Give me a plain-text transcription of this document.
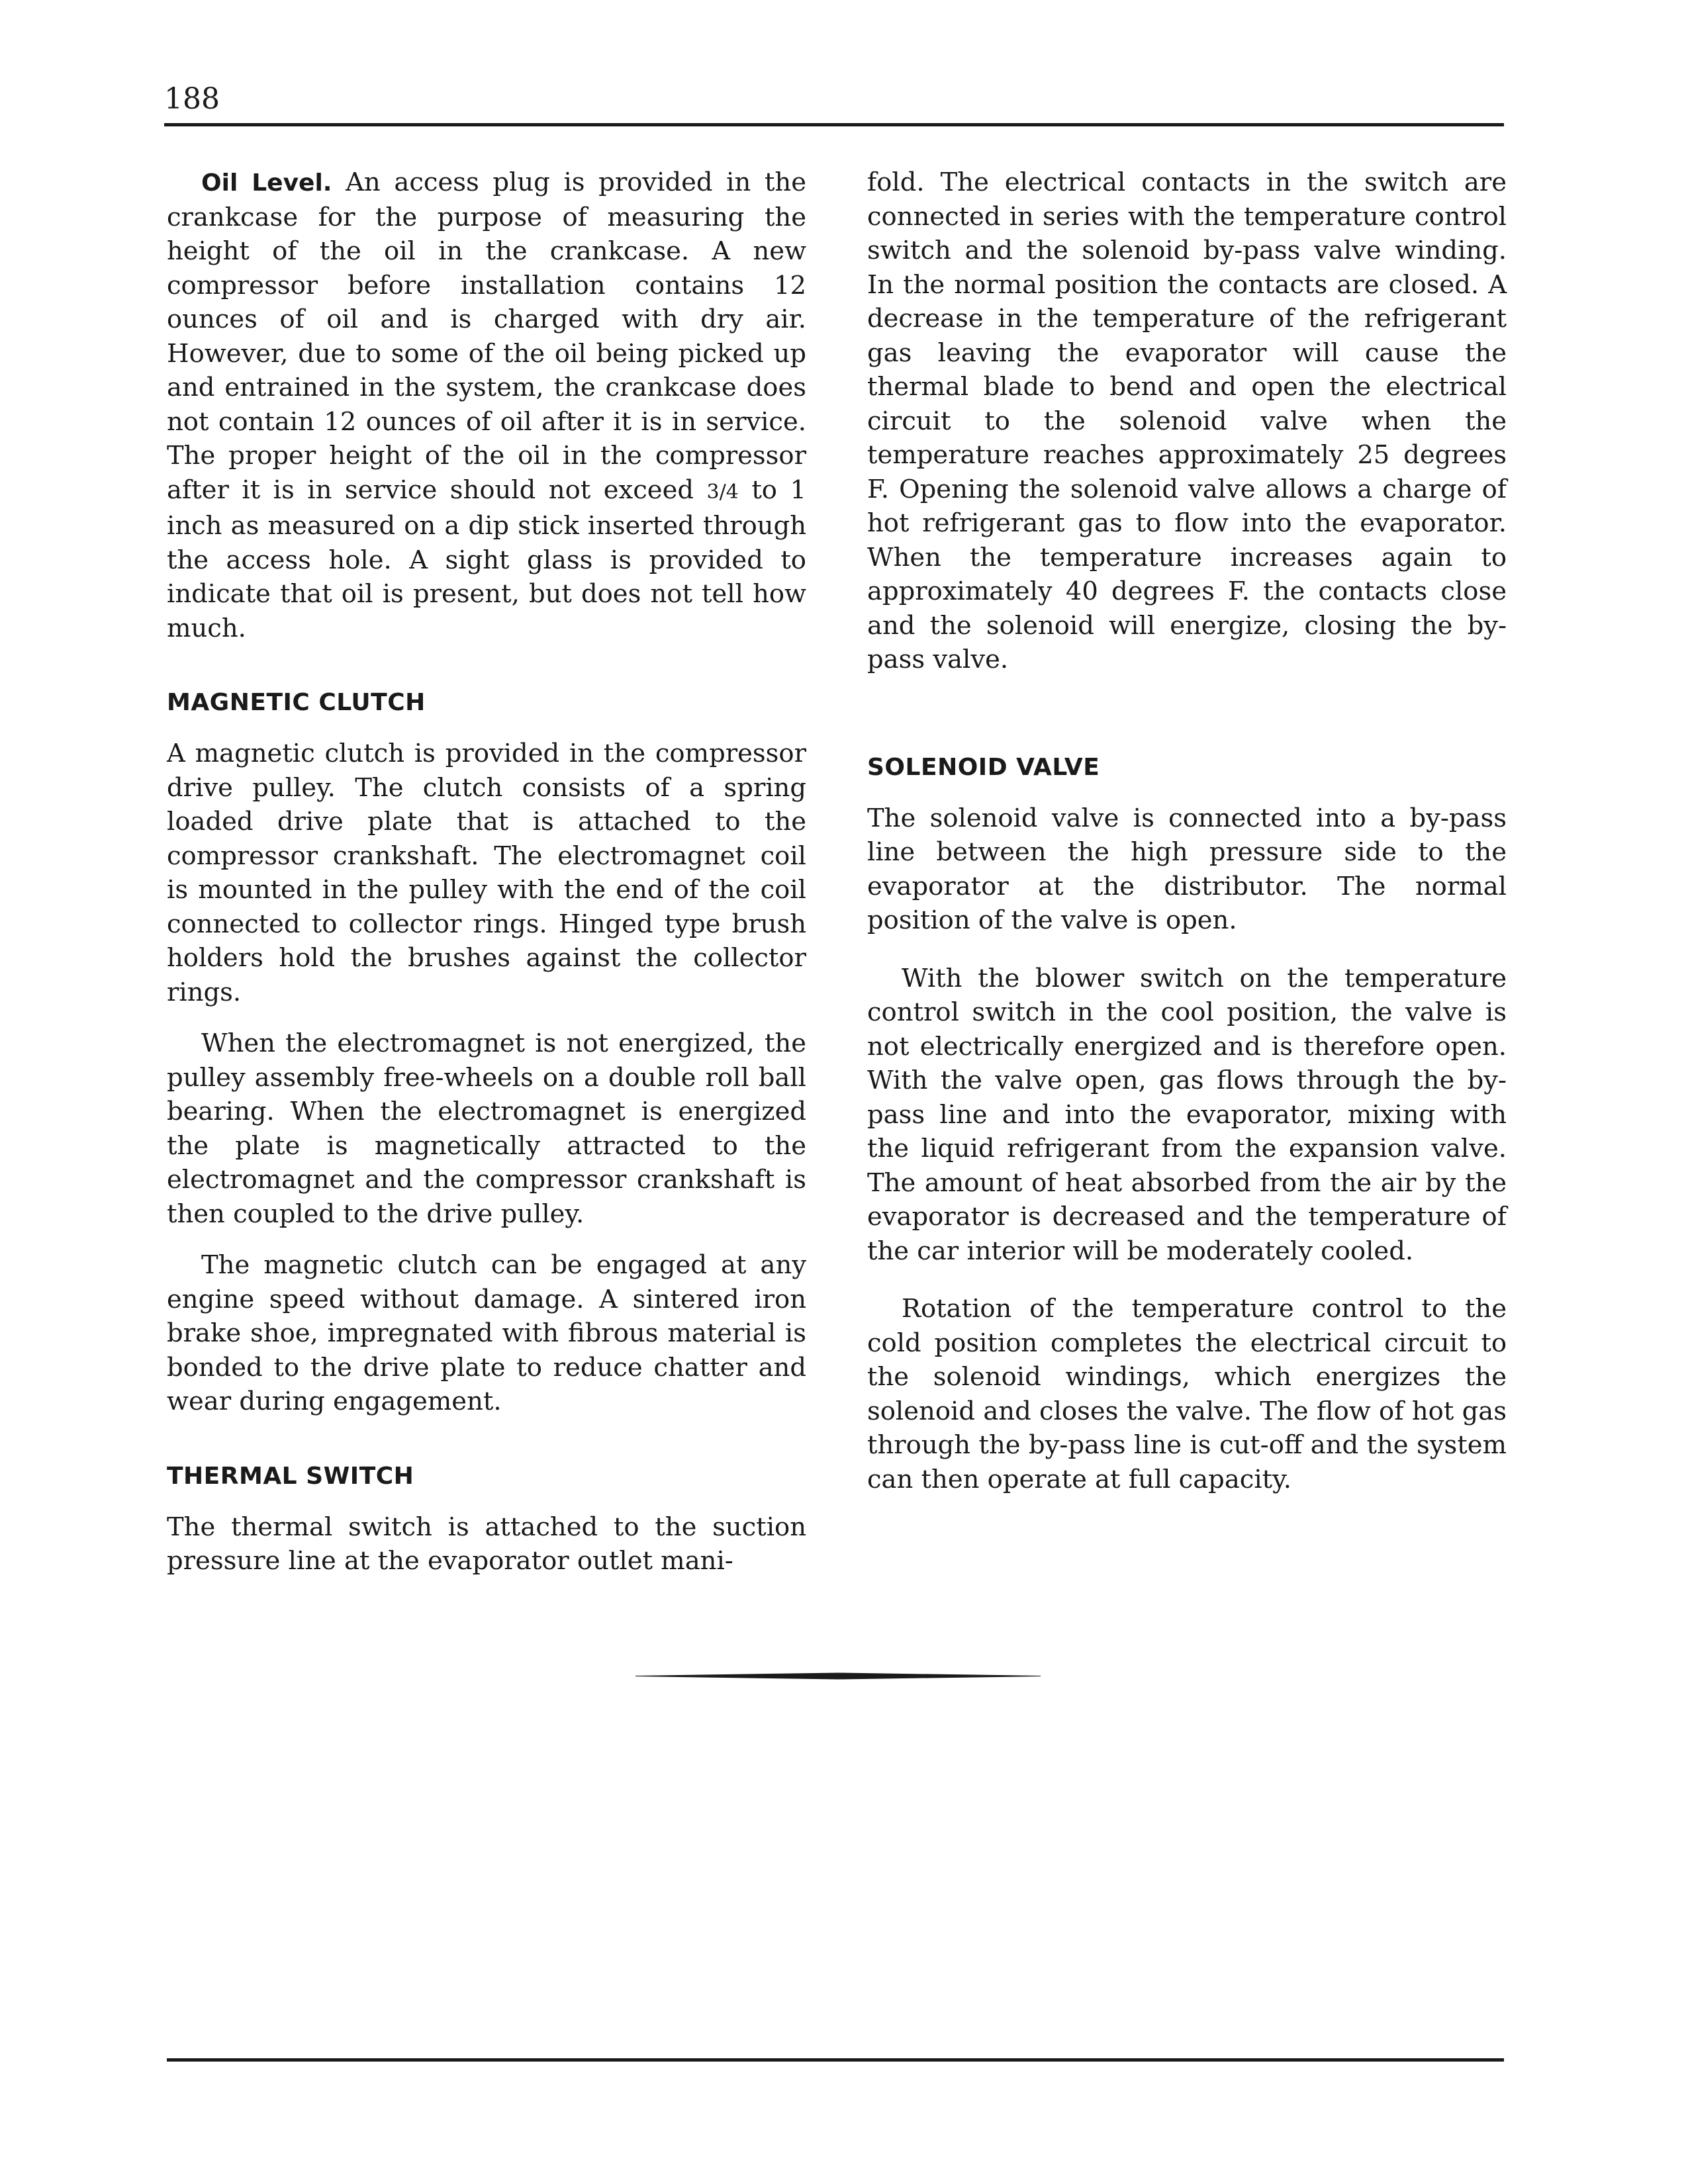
188

Oil Level. An access plug is provided in the crankcase for the purpose of measuring the height of the oil in the crankcase. A new compressor before installation contains 12 ounces of oil and is charged with dry air. However, due to some of the oil being picked up and entrained in the system, the crankcase does not contain 12 ounces of oil after it is in service. The proper height of the oil in the compressor after it is in service should not exceed 3/4 to 1 inch as measured on a dip stick inserted through the access hole. A sight glass is provided to indicate that oil is present, but does not tell how much.

MAGNETIC CLUTCH

A magnetic clutch is provided in the compressor drive pulley. The clutch consists of a spring loaded drive plate that is attached to the compressor crankshaft. The electromagnet coil is mounted in the pulley with the end of the coil connected to collector rings. Hinged type brush holders hold the brushes against the collector rings.

When the electromagnet is not energized, the pulley assembly free-wheels on a double roll ball bearing. When the electromagnet is energized the plate is magnetically attracted to the electromagnet and the compressor crankshaft is then coupled to the drive pulley.

The magnetic clutch can be engaged at any engine speed without damage. A sintered iron brake shoe, impregnated with fibrous material is bonded to the drive plate to reduce chatter and wear during engagement.

THERMAL SWITCH

The thermal switch is attached to the suction pressure line at the evaporator outlet mani-

fold. The electrical contacts in the switch are connected in series with the temperature control switch and the solenoid by-pass valve winding. In the normal position the contacts are closed. A decrease in the temperature of the refrigerant gas leaving the evaporator will cause the thermal blade to bend and open the electrical circuit to the solenoid valve when the temperature reaches approximately 25 degrees F. Opening the solenoid valve allows a charge of hot refrigerant gas to flow into the evaporator. When the temperature increases again to approximately 40 degrees F. the contacts close and the solenoid will energize, closing the by-pass valve.

SOLENOID VALVE

The solenoid valve is connected into a by-pass line between the high pressure side to the evaporator at the distributor. The normal position of the valve is open.

With the blower switch on the temperature control switch in the cool position, the valve is not electrically energized and is therefore open. With the valve open, gas flows through the by-pass line and into the evaporator, mixing with the liquid refrigerant from the expansion valve. The amount of heat absorbed from the air by the evaporator is decreased and the temperature of the car interior will be moderately cooled.

Rotation of the temperature control to the cold position completes the electrical circuit to the solenoid windings, which energizes the solenoid and closes the valve. The flow of hot gas through the by-pass line is cut-off and the system can then operate at full capacity.
